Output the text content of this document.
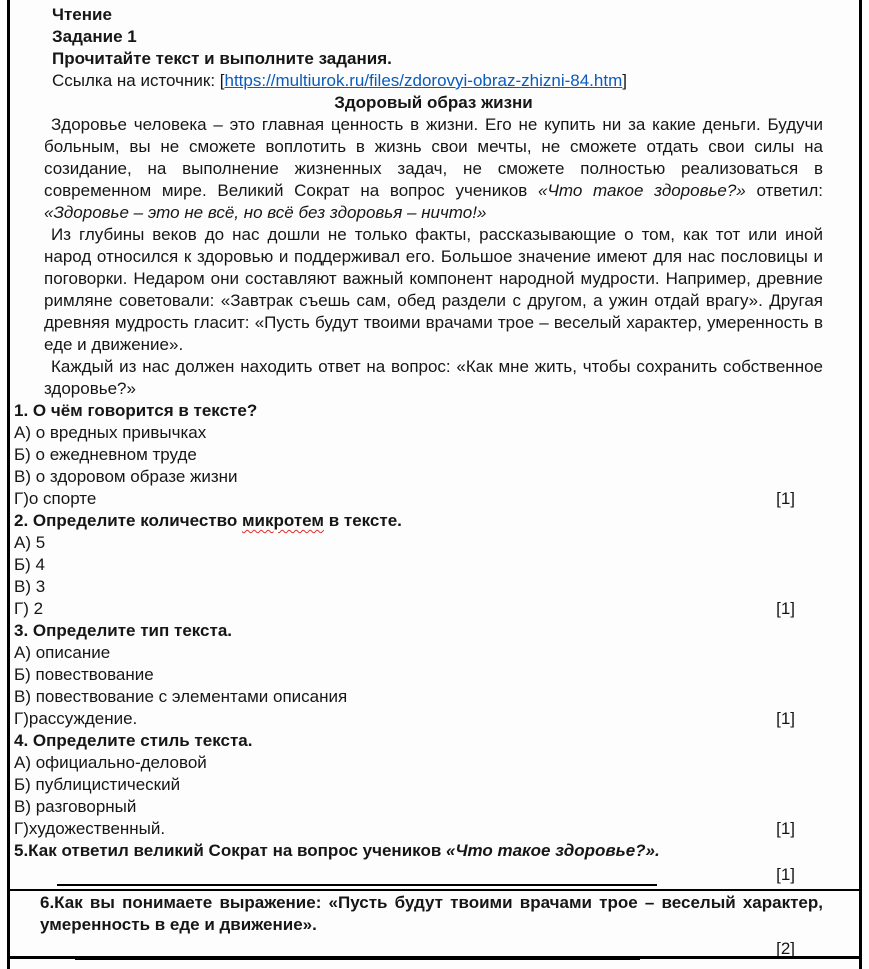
Чтение

Задание 1

Прочитайте текст и выполните задания.

Ссылка на источник: [https://multiurok.ru/files/zdorovyi-obraz-zhizni-84.htm]

Здоровый образ жизни

Здоровье человека – это главная ценность в жизни. Его не купить ни за какие деньги. Будучи больным, вы не сможете воплотить в жизнь свои мечты, не сможете отдать свои силы на созидание, на выполнение жизненных задач, не сможете полностью реализоваться в современном мире. Великий Сократ на вопрос учеников «Что такое здоровье?» ответил: «Здоровье – это не всё, но всё без здоровья – ничто!»

Из глубины веков до нас дошли не только факты, рассказывающие о том, как тот или иной народ относился к здоровью и поддерживал его. Большое значение имеют для нас пословицы и поговорки. Недаром они составляют важный компонент народной мудрости. Например, древние римляне советовали: «Завтрак съешь сам, обед раздели с другом, а ужин отдай врагу». Другая древняя мудрость гласит: «Пусть будут твоими врачами трое – веселый характер, умеренность в еде и движение».

Каждый из нас должен находить ответ на вопрос: «Как мне жить, чтобы сохранить собственное здоровье?»

1. О чём говорится в тексте?

А) о вредных привычках

Б) о ежедневном труде

В) о здоровом образе жизни

Г)о спорте	[1]

2. Определите количество микротем в тексте.

А) 5

Б) 4

В) 3

Г) 2	[1]

3. Определите тип текста.

А) описание

Б) повествование

В) повествование с элементами описания

Г)рассуждение.	[1]

4. Определите стиль текста.

А) официально-деловой

Б) публицистический

В) разговорный

Г)художественный.	[1]

5.Как ответил великий Сократ на вопрос учеников «Что такое здоровье?».

[1]

6.Как вы понимаете выражение: «Пусть будут твоими врачами трое – веселый характер, умеренность в еде и движение».

[2]
